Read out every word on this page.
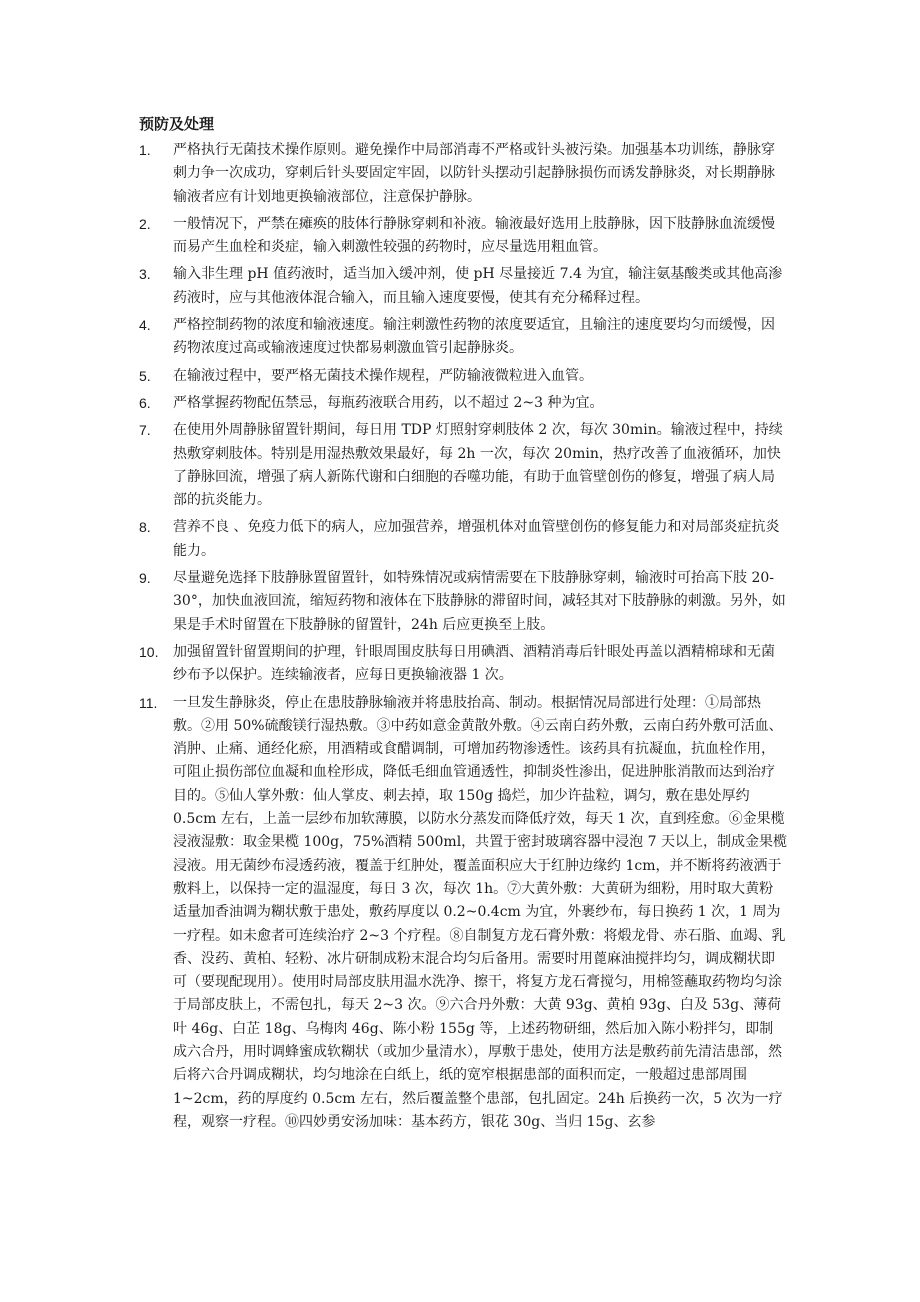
预防及处理
1. 严格执行无菌技术操作原则。避免操作中局部消毒不严格或针头被污染。加强基本功训练，静脉穿刺力争一次成功，穿刺后针头要固定牢固，以防针头摆动引起静脉损伤而诱发静脉炎，对长期静脉输液者应有计划地更换输液部位，注意保护静脉。
2. 一般情况下，严禁在瘫痪的肢体行静脉穿刺和补液。输液最好选用上肢静脉，因下肢静脉血流缓慢而易产生血栓和炎症，输入刺激性较强的药物时，应尽量选用粗血管。
3. 输入非生理 pH 值药液时，适当加入缓冲剂，使 pH 尽量接近 7.4 为宜，输注氨基酸类或其他高渗药液时，应与其他液体混合输入，而且输入速度要慢，使其有充分稀释过程。
4. 严格控制药物的浓度和输液速度。输注刺激性药物的浓度要适宜，且输注的速度要均匀而缓慢，因药物浓度过高或输液速度过快都易刺激血管引起静脉炎。
5. 在输液过程中，要严格无菌技术操作规程，严防输液微粒进入血管。
6. 严格掌握药物配伍禁忌，每瓶药液联合用药，以不超过 2~3 种为宜。
7. 在使用外周静脉留置针期间，每日用 TDP 灯照射穿刺肢体 2 次，每次 30min。输液过程中，持续热敷穿刺肢体。特别是用湿热敷效果最好，每 2h 一次，每次 20min，热疗改善了血液循环，加快了静脉回流，增强了病人新陈代谢和白细胞的吞噬功能，有助于血管壁创伤的修复，增强了病人局部的抗炎能力。
8. 营养不良 、免疫力低下的病人，应加强营养，增强机体对血管壁创伤的修复能力和对局部炎症抗炎能力。
9. 尽量避免选择下肢静脉置留置针，如特殊情况或病情需要在下肢静脉穿刺，输液时可抬高下肢 20-30°，加快血液回流，缩短药物和液体在下肢静脉的滞留时间，减轻其对下肢静脉的刺激。另外，如果是手术时留置在下肢静脉的留置针，24h 后应更换至上肢。
10. 加强留置针留置期间的护理，针眼周围皮肤每日用碘酒、酒精消毒后针眼处再盖以酒精棉球和无菌纱布予以保护。连续输液者，应每日更换输液器 1 次。
11. 一旦发生静脉炎，停止在患肢静脉输液并将患肢抬高、制动。根据情况局部进行处理：①局部热敷。②用 50%硫酸镁行湿热敷。③中药如意金黄散外敷。④云南白药外敷，云南白药外敷可活血、消肿、止痛、通经化瘀，用酒精或食醋调制，可增加药物渗透性。该药具有抗凝血，抗血栓作用，可阻止损伤部位血凝和血栓形成，降低毛细血管通透性，抑制炎性渗出，促进肿胀消散而达到治疗目的。⑤仙人掌外敷：仙人掌皮、刺去掉，取 150g 捣烂，加少许盐粒，调匀，敷在患处厚约 0.5cm 左右，上盖一层纱布加软薄膜，以防水分蒸发而降低疗效，每天 1 次，直到痊愈。⑥金果榄浸液湿敷：取金果榄 100g，75%酒精 500ml，共置于密封玻璃容器中浸泡 7 天以上，制成金果榄浸液。用无菌纱布浸透药液，覆盖于红肿处，覆盖面积应大于红肿边缘约 1cm，并不断将药液洒于敷料上，以保持一定的温湿度，每日 3 次，每次 1h。⑦大黄外敷：大黄研为细粉，用时取大黄粉适量加香油调为糊状敷于患处，敷药厚度以 0.2~0.4cm 为宜，外裹纱布，每日换药 1 次，1 周为一疗程。如未愈者可连续治疗 2~3 个疗程。⑧自制复方龙石膏外敷：将煅龙骨、赤石脂、血竭、乳香、没药、黄柏、轻粉、冰片研制成粉末混合均匀后备用。需要时用蓖麻油搅拌均匀，调成糊状即可（要现配现用）。使用时局部皮肤用温水洗净、擦干，将复方龙石膏搅匀，用棉签蘸取药物均匀涂于局部皮肤上，不需包扎，每天 2~3 次。⑨六合丹外敷：大黄 93g、黄柏 93g、白及 53g、薄荷叶 46g、白芷 18g、乌梅肉 46g、陈小粉 155g 等，上述药物研细，然后加入陈小粉拌匀，即制成六合丹，用时调蜂蜜成软糊状（或加少量清水），厚敷于患处，使用方法是敷药前先清洁患部，然后将六合丹调成糊状，均匀地涂在白纸上，纸的宽窄根据患部的面积而定，一般超过患部周围 1~2cm，药的厚度约 0.5cm 左右，然后覆盖整个患部，包扎固定。24h 后换药一次，5 次为一疗程，观察一疗程。⑩四妙勇安汤加味：基本药方，银花 30g、当归 15g、玄参
